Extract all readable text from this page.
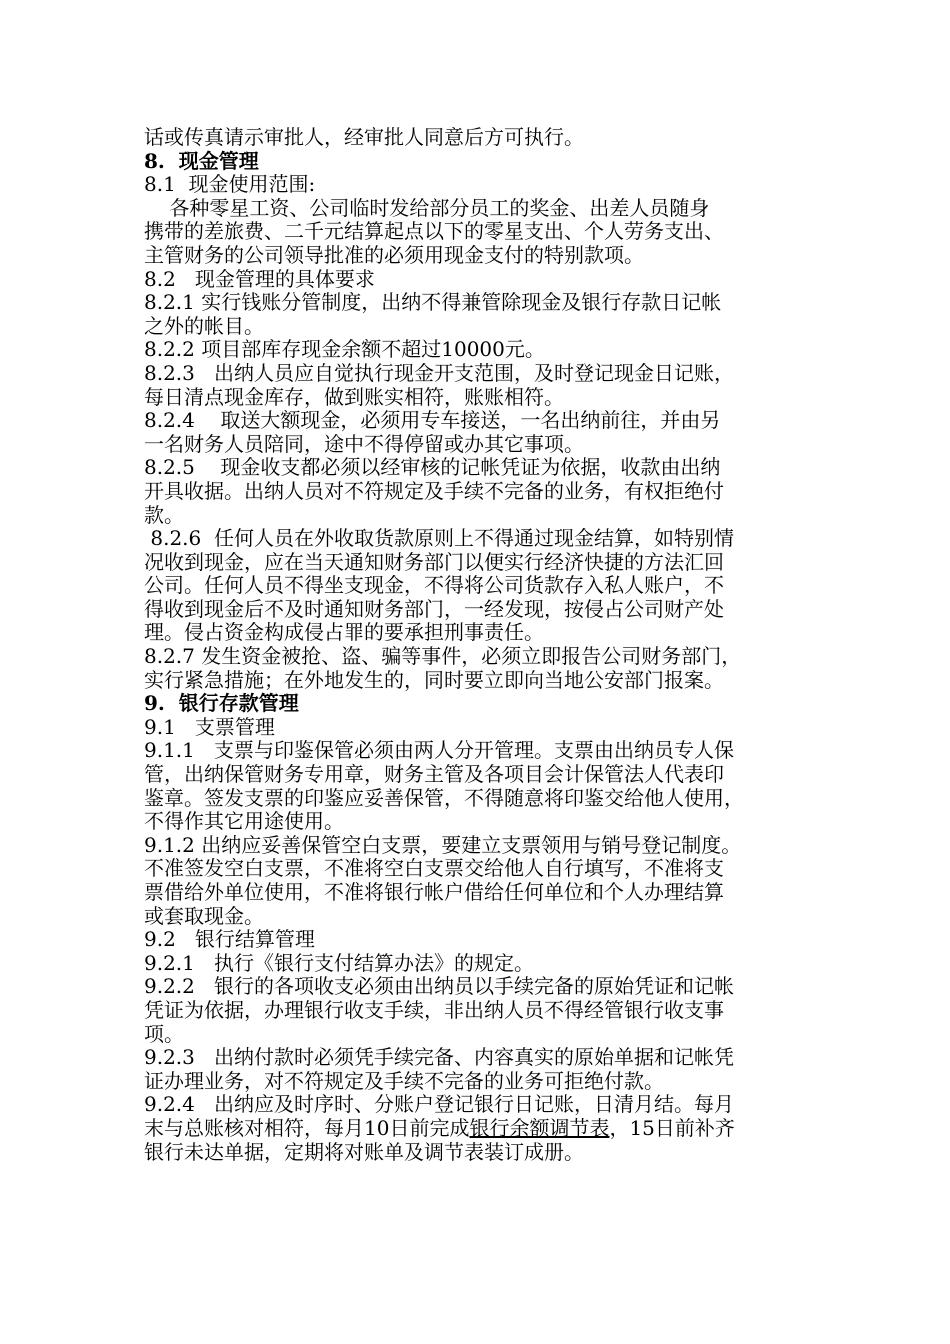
话或传真请示审批人，经审批人同意后方可执行。
8.  现金管理
8.1  现金使用范围:
各种零星工资、公司临时发给部分员工的奖金、出差人员随身
携带的差旅费、二千元结算起点以下的零星支出、个人劳务支出、
主管财务的公司领导批准的必须用现金支付的特别款项。
8.2   现金管理的具体要求
8.2.1 实行钱账分管制度，出纳不得兼管除现金及银行存款日记帐
之外的帐目。
8.2.2 项目部库存现金余额不超过10000元。
8.2.3   出纳人员应自觉执行现金开支范围，及时登记现金日记账，
每日清点现金库存，做到账实相符，账账相符。
8.2.4    取送大额现金，必须用专车接送，一名出纳前往，并由另
一名财务人员陪同，途中不得停留或办其它事项。
8.2.5    现金收支都必须以经审核的记帐凭证为依据，收款由出纳
开具收据。出纳人员对不符规定及手续不完备的业务，有权拒绝付
款。
8.2.6  任何人员在外收取货款原则上不得通过现金结算，如特别情
况收到现金，应在当天通知财务部门以便实行经济快捷的方法汇回
公司。任何人员不得坐支现金，不得将公司货款存入私人账户，不
得收到现金后不及时通知财务部门，一经发现，按侵占公司财产处
理。侵占资金构成侵占罪的要承担刑事责任。
8.2.7 发生资金被抢、盗、骗等事件，必须立即报告公司财务部门，
实行紧急措施；在外地发生的，同时要立即向当地公安部门报案。
9.  银行存款管理
9.1   支票管理
9.1.1   支票与印鉴保管必须由两人分开管理。支票由出纳员专人保
管，出纳保管财务专用章，财务主管及各项目会计保管法人代表印
鉴章。签发支票的印鉴应妥善保管，不得随意将印鉴交给他人使用，
不得作其它用途使用。
9.1.2 出纳应妥善保管空白支票，要建立支票领用与销号登记制度。
不准签发空白支票，不准将空白支票交给他人自行填写，不准将支
票借给外单位使用，不准将银行帐户借给任何单位和个人办理结算
或套取现金。
9.2   银行结算管理
9.2.1   执行《银行支付结算办法》的规定。
9.2.2   银行的各项收支必须由出纳员以手续完备的原始凭证和记帐
凭证为依据，办理银行收支手续，非出纳人员不得经管银行收支事
项。
9.2.3   出纳付款时必须凭手续完备、内容真实的原始单据和记帐凭
证办理业务，对不符规定及手续不完备的业务可拒绝付款。
9.2.4   出纳应及时序时、分账户登记银行日记账，日清月结。每月
末与总账核对相符，每月10日前完成银行余额调节表，15日前补齐
银行未达单据，定期将对账单及调节表装订成册。
